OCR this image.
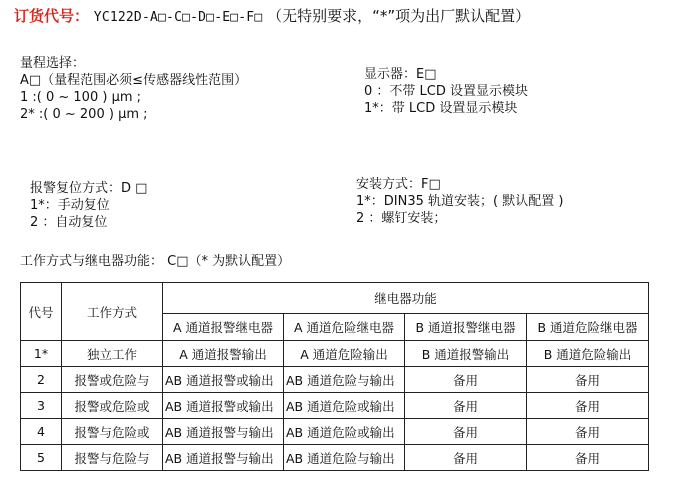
订货代号： YC122D-A□-C□-D□-E□-F□ （无特别要求，“*”项为出厂默认配置）
量程选择：
A□（量程范围必须≤传感器线性范围）
1 :( 0 ~ 100 ) μm ;
2* :( 0 ~ 200 ) μm ;
显示器：E□
0 ：不带 LCD 设置显示模块
1*：带 LCD 设置显示模块
报警复位方式：D □
1*：手动复位
2 ：自动复位
安装方式：F□
1*：DIN35 轨道安装；( 默认配置 )
2 ：螺钉安装；
工作方式与继电器功能： C□（* 为默认配置）
代号	工作方式	继电器功能			
		A 通道报警继电器	A 通道危险继电器	B 通道报警继电器	B 通道危险继电器
1*	独立工作	A 通道报警输出	A 通道危险输出	B 通道报警输出	B 通道危险输出
2	报警或危险与	AB 通道报警或输出	AB 通道危险与输出	备用	备用
3	报警或危险或	AB 通道报警或输出	AB 通道危险或输出	备用	备用
4	报警与危险或	AB 通道报警与输出	AB 通道危险或输出	备用	备用
5	报警与危险与	AB 通道报警与输出	AB 通道危险与输出	备用	备用
